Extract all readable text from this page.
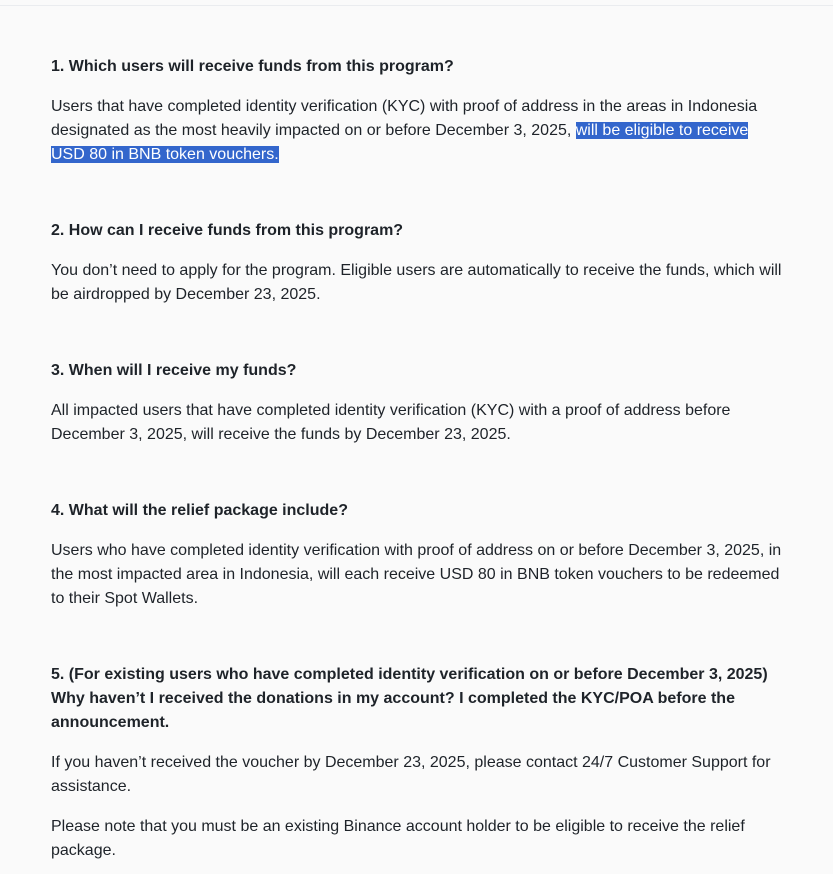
1. Which users will receive funds from this program?

Users that have completed identity verification (KYC) with proof of address in the areas in Indonesia designated as the most heavily impacted on or before December 3, 2025, will be eligible to receive USD 80 in BNB token vouchers.

2. How can I receive funds from this program?

You don’t need to apply for the program. Eligible users are automatically to receive the funds, which will be airdropped by December 23, 2025.

3. When will I receive my funds?

All impacted users that have completed identity verification (KYC) with a proof of address before December 3, 2025, will receive the funds by December 23, 2025.

4. What will the relief package include?

Users who have completed identity verification with proof of address on or before December 3, 2025, in the most impacted area in Indonesia, will each receive USD 80 in BNB token vouchers to be redeemed to their Spot Wallets.

5. (For existing users who have completed identity verification on or before December 3, 2025) Why haven’t I received the donations in my account? I completed the KYC/POA before the announcement.

If you haven’t received the voucher by December 23, 2025, please contact 24/7 Customer Support for assistance.

Please note that you must be an existing Binance account holder to be eligible to receive the relief package.
